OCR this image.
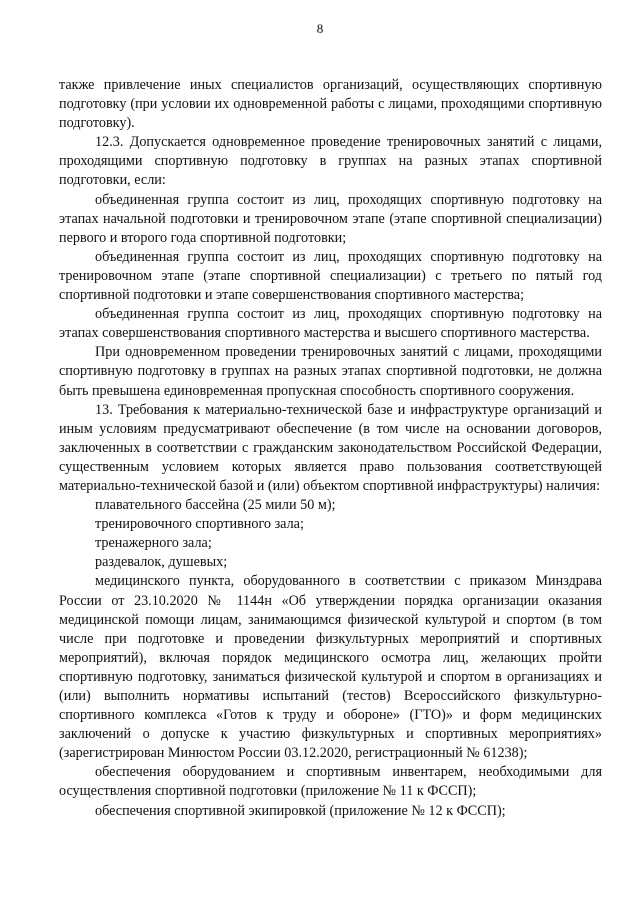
8

также привлечение иных специалистов организаций, осуществляющих спортивную подготовку (при условии их одновременной работы с лицами, проходящими спортивную подготовку).

12.3. Допускается одновременное проведение тренировочных занятий с лицами, проходящими спортивную подготовку в группах на разных этапах спортивной подготовки, если:

объединенная группа состоит из лиц, проходящих спортивную подготовку на этапах начальной подготовки и тренировочном этапе (этапе спортивной специализации) первого и второго года спортивной подготовки;

объединенная группа состоит из лиц, проходящих спортивную подготовку на тренировочном этапе (этапе спортивной специализации) с третьего по пятый год спортивной подготовки и этапе совершенствования спортивного мастерства;

объединенная группа состоит из лиц, проходящих спортивную подготовку на этапах совершенствования спортивного мастерства и высшего спортивного мастерства.

При одновременном проведении тренировочных занятий с лицами, проходящими спортивную подготовку в группах на разных этапах спортивной подготовки, не должна быть превышена единовременная пропускная способность спортивного сооружения.

13. Требования к материально-технической базе и инфраструктуре организаций и иным условиям предусматривают обеспечение (в том числе на основании договоров, заключенных в соответствии с гражданским законодательством Российской Федерации, существенным условием которых является право пользования соответствующей материально-технической базой и (или) объектом спортивной инфраструктуры) наличия:

плавательного бассейна (25 мили 50 м);

тренировочного спортивного зала;

тренажерного зала;

раздевалок, душевых;

медицинского пункта, оборудованного в соответствии с приказом Минздрава России от 23.10.2020 № 1144н «Об утверждении порядка организации оказания медицинской помощи лицам, занимающимся физической культурой и спортом (в том числе при подготовке и проведении физкультурных мероприятий и спортивных мероприятий), включая порядок медицинского осмотра лиц, желающих пройти спортивную подготовку, заниматься физической культурой и спортом в организациях и (или) выполнить нормативы испытаний (тестов) Всероссийского физкультурно-спортивного комплекса «Готов к труду и обороне» (ГТО)» и форм медицинских заключений о допуске к участию физкультурных и спортивных мероприятиях» (зарегистрирован Минюстом России 03.12.2020, регистрационный № 61238);

обеспечения оборудованием и спортивным инвентарем, необходимыми для осуществления спортивной подготовки (приложение № 11 к ФССП);

обеспечения спортивной экипировкой (приложение № 12 к ФССП);
